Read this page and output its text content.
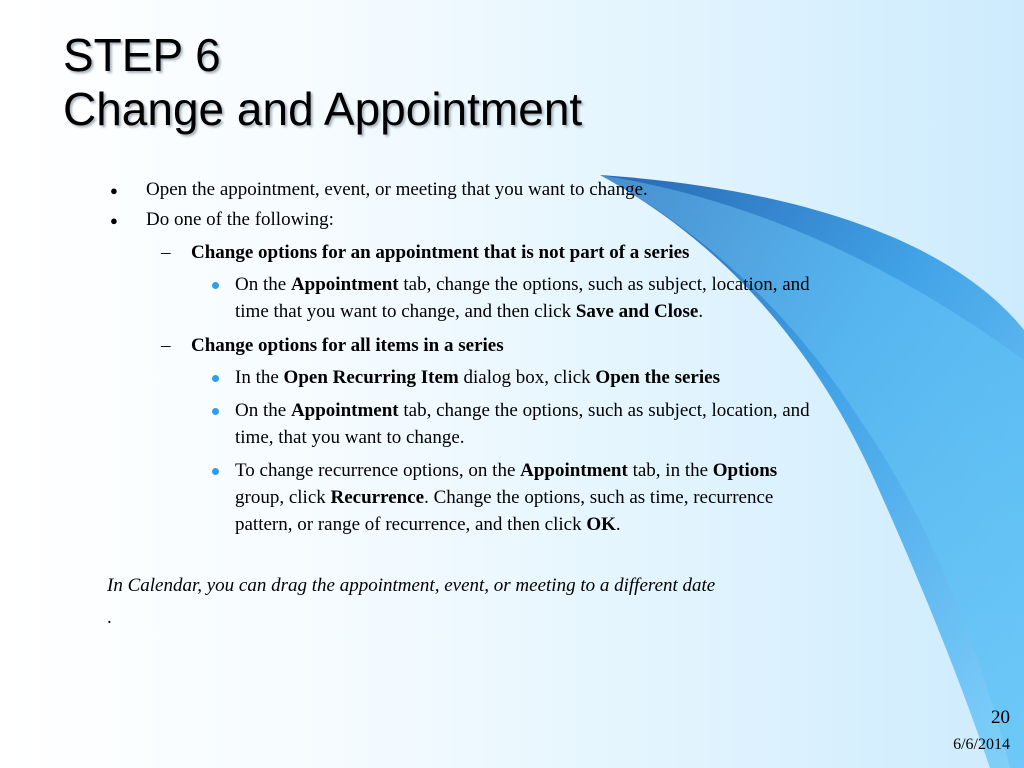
STEP 6
Change and Appointment
● Open the appointment, event, or meeting that you want to change.
● Do one of the following:
– Change options for an appointment that is not part of a series
On the Appointment tab, change the options, such as subject, location, and
time that you want to change, and then click Save and Close.
– Change options for all items in a series
In the Open Recurring Item dialog box, click Open the series
On the Appointment tab, change the options, such as subject, location, and
time, that you want to change.
To change recurrence options, on the Appointment tab, in the Options
group, click Recurrence. Change the options, such as time, recurrence
pattern, or range of recurrence, and then click OK.
In Calendar, you can drag the appointment, event, or meeting to a different date
.
20
6/6/2014
